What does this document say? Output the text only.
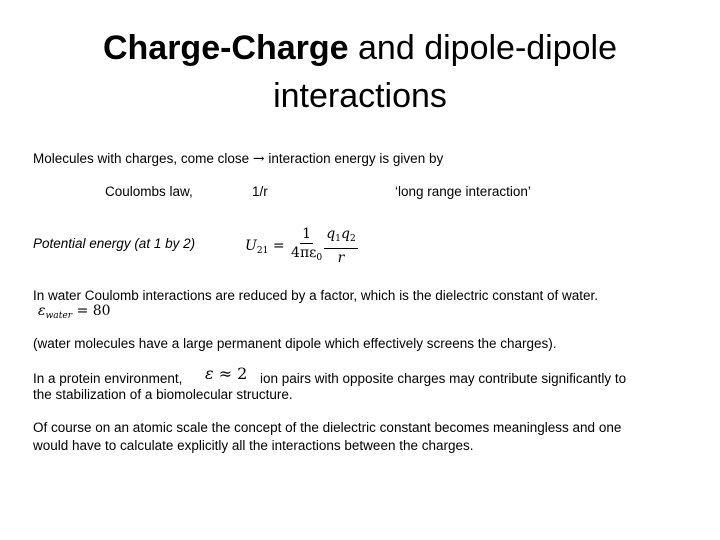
Charge-Charge and dipole-dipole
interactions
Molecules with charges, come close → interaction energy is given by
Coulombs law,	1/r	‘long range interaction’
Potential energy (at 1 by 2)	$U_{21} = \frac{1}{4\pi\varepsilon_0} \frac{q_1q_2}{r}$
In water Coulomb interactions are reduced by a factor, which is the dielectric constant of water.
$\varepsilon_{water} = 80$
(water molecules have a large permanent dipole which effectively screens the charges).
In a protein environment, ε ≈ 2 ion pairs with opposite charges may contribute significantly to
the stabilization of a biomolecular structure.
Of course on an atomic scale the concept of the dielectric constant becomes meaningless and one would have to calculate explicitly all the interactions between the charges.
